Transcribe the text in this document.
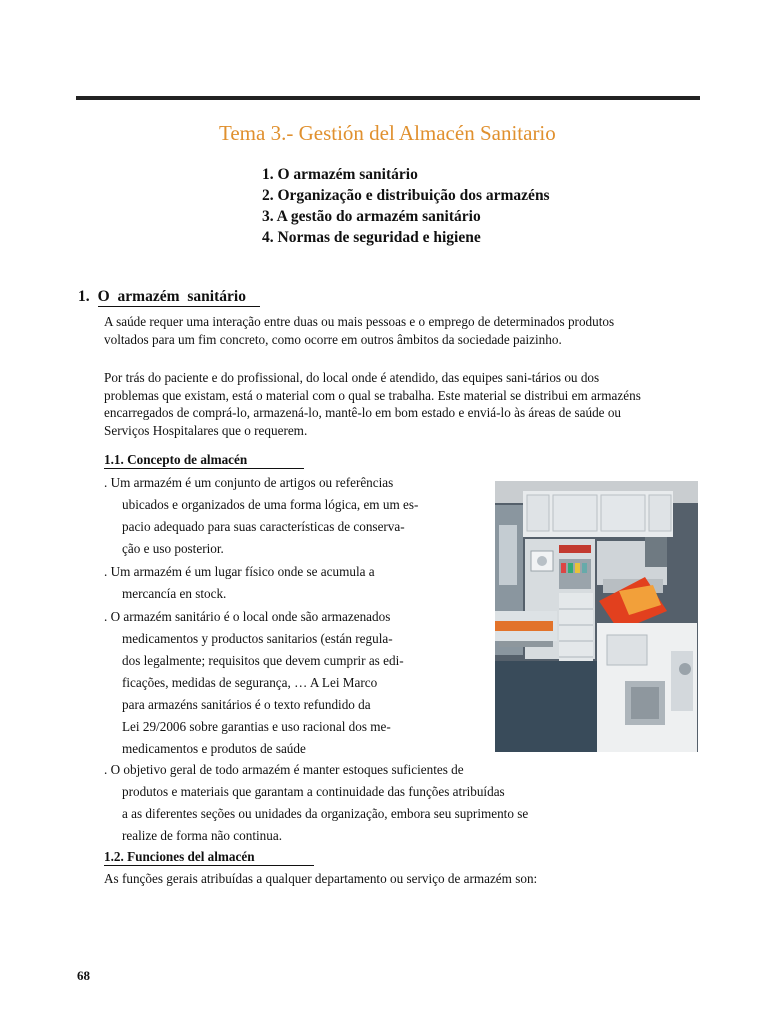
Tema 3.- Gestión del Almacén Sanitario
1. O armazém sanitário
2. Organização e distribuição dos armazéns
3. A gestão do armazém sanitário
4. Normas de seguridad e higiene
1. O armazém sanitário

A saúde requer uma interação entre duas ou mais pessoas e o emprego de determinados produtos voltados para um fim concreto, como ocorre em outros âmbitos da sociedade paizinho.

Por trás do paciente e do profissional, do local onde é atendido, das equipes sani-tários ou dos problemas que existam, está o material com o qual se trabalha. Este material se distribui em armazéns encarregados de comprá-lo, armazená-lo, mantê-lo em bom estado e enviá-lo às áreas de saúde ou Serviços Hospitalares que o requerem.

1.1. Concepto de almacén
. Um armazém é um conjunto de artigos ou referências
ubicados e organizados de uma forma lógica, em um es-
pacio adequado para suas características de conserva-
ção e uso posterior.
. Um armazém é um lugar físico onde se acumula a
mercancía en stock.
. O armazém sanitário é o local onde são armazenados
medicamentos y productos sanitarios (están regula-
dos legalmente; requisitos que devem cumprir as edi-
ficações, medidas de segurança, … A Lei Marco
para armazéns sanitários é o texto refundido da
Lei 29/2006 sobre garantias e uso racional dos me-
medicamentos e produtos de saúde
. O objetivo geral de todo armazém é manter estoques suficientes de
produtos e materiais que garantam a continuidade das funções atribuídas
a as diferentes seções ou unidades da organização, embora seu suprimento se
realize de forma não continua.
1.2. Funciones del almacén

As funções gerais atribuídas a qualquer departamento ou serviço de armazém son:

68
